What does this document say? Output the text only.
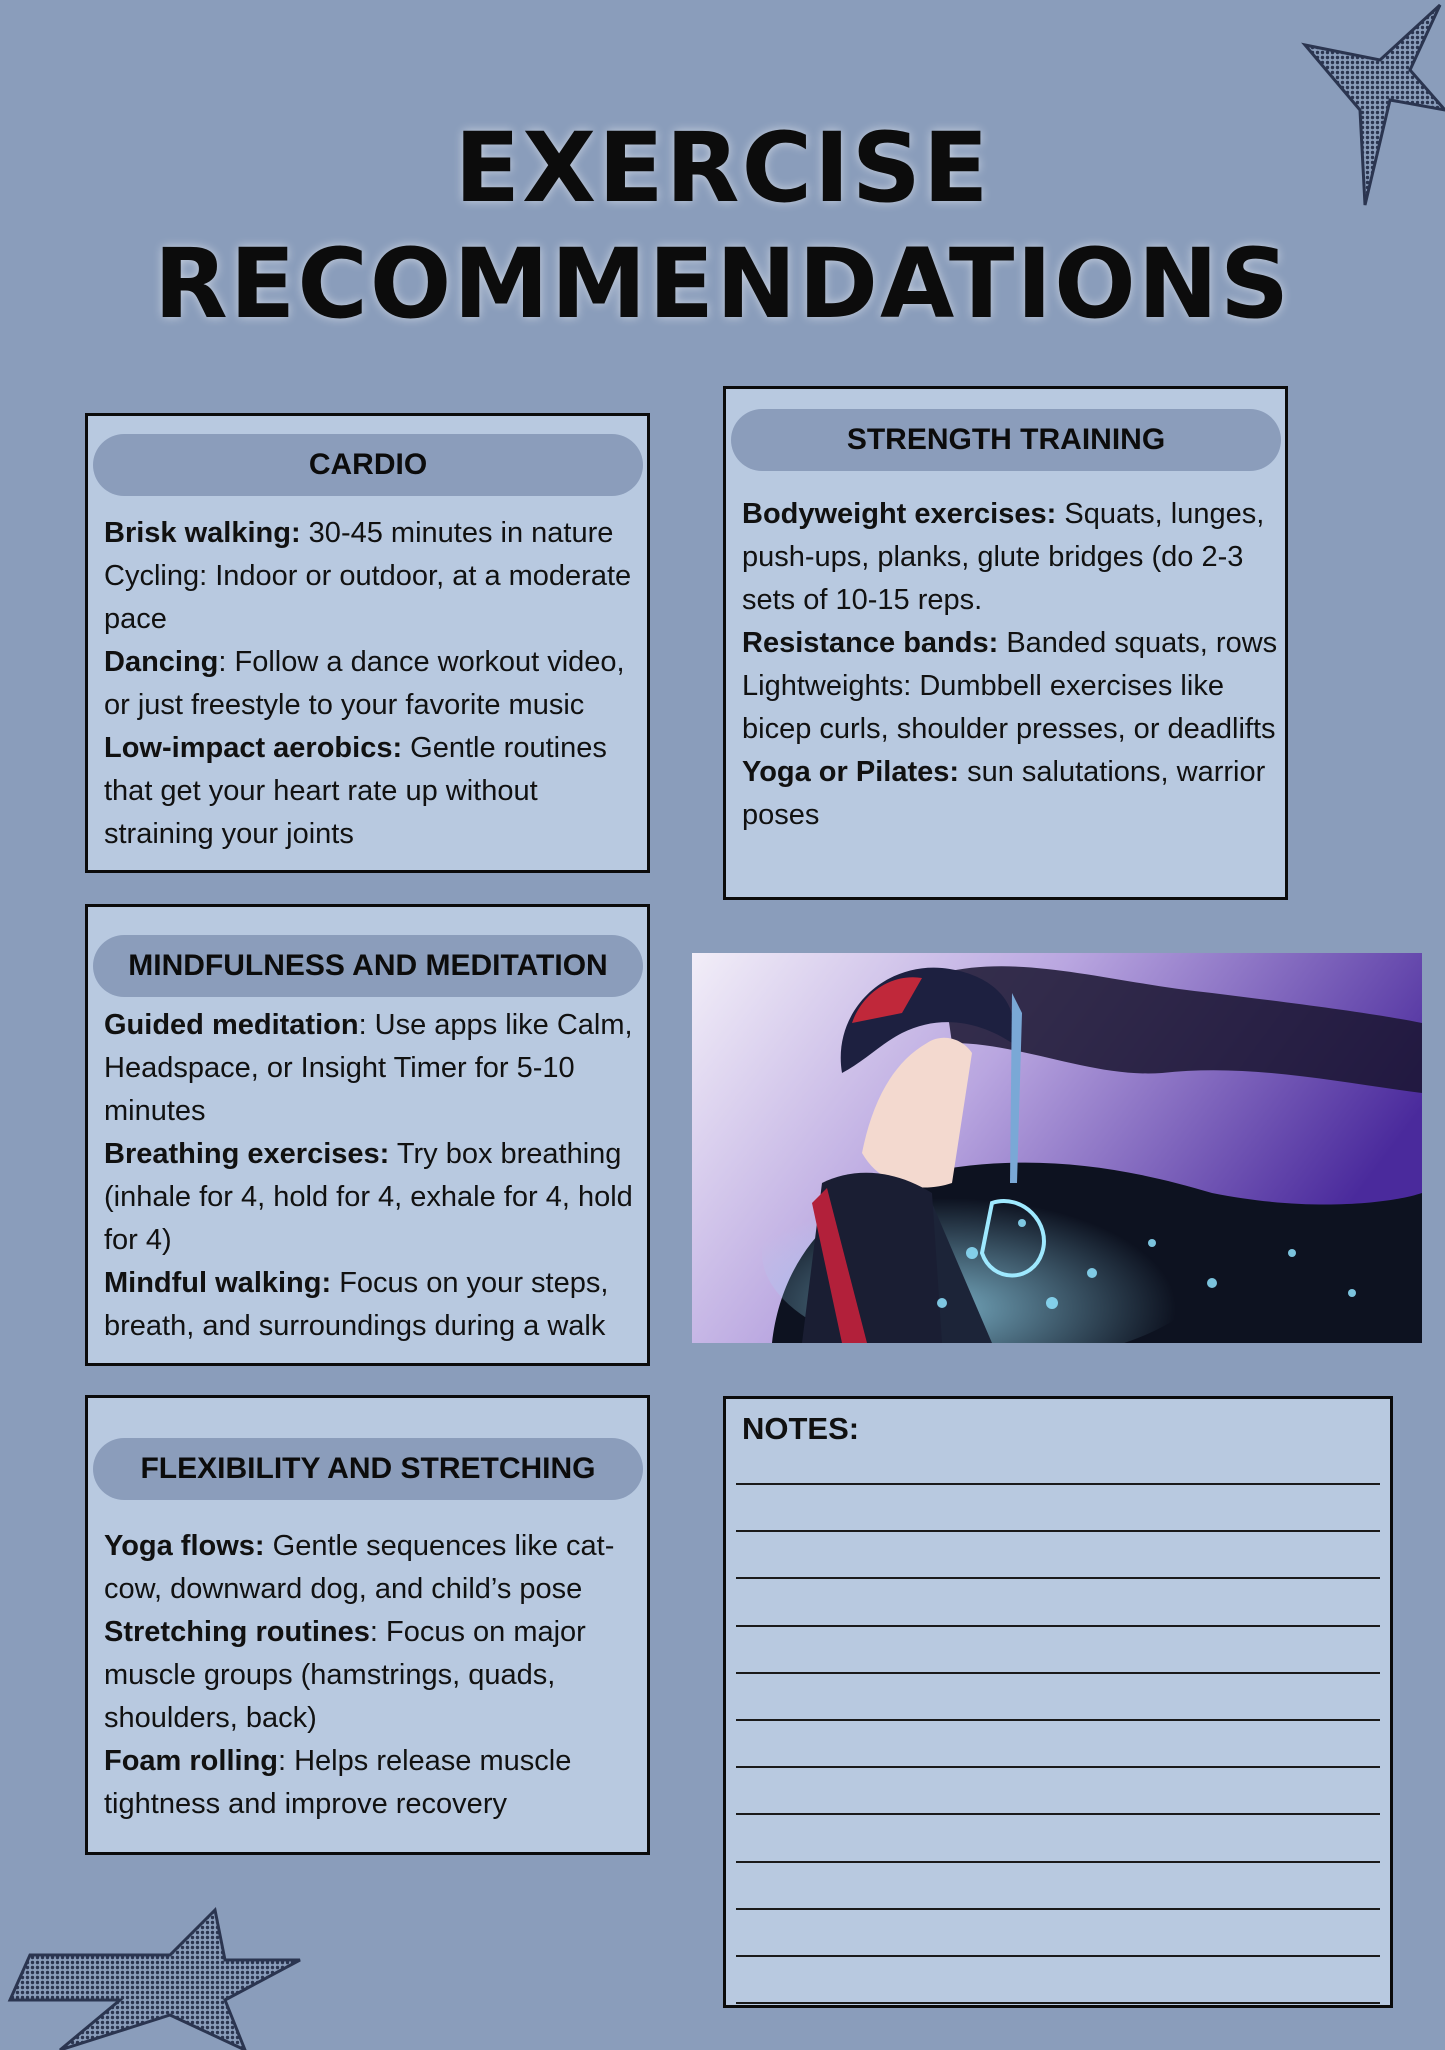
EXERCISE
RECOMMENDATIONS
CARDIO

Brisk walking: 30-45 minutes in nature

Cycling: Indoor or outdoor, at a moderate pace

Dancing: Follow a dance workout video, or just freestyle to your favorite music

Low-impact aerobics: Gentle routines that get your heart rate up without straining your joints

STRENGTH TRAINING

Bodyweight exercises: Squats, lunges, push-ups, planks, glute bridges (do 2-3 sets of 10-15 reps.

Resistance bands: Banded squats, rows

Lightweights: Dumbbell exercises like bicep curls, shoulder presses, or deadlifts

Yoga or Pilates: sun salutations, warrior poses

MINDFULNESS AND MEDITATION

Guided meditation: Use apps like Calm, Headspace, or Insight Timer for 5-10 minutes

Breathing exercises: Try box breathing (inhale for 4, hold for 4, exhale for 4, hold for 4)

Mindful walking: Focus on your steps, breath, and surroundings during a walk

FLEXIBILITY AND STRETCHING

Yoga flows: Gentle sequences like cat-cow, downward dog, and child’s pose

Stretching routines: Focus on major muscle groups (hamstrings, quads, shoulders, back)

Foam rolling: Helps release muscle tightness and improve recovery

NOTES:
